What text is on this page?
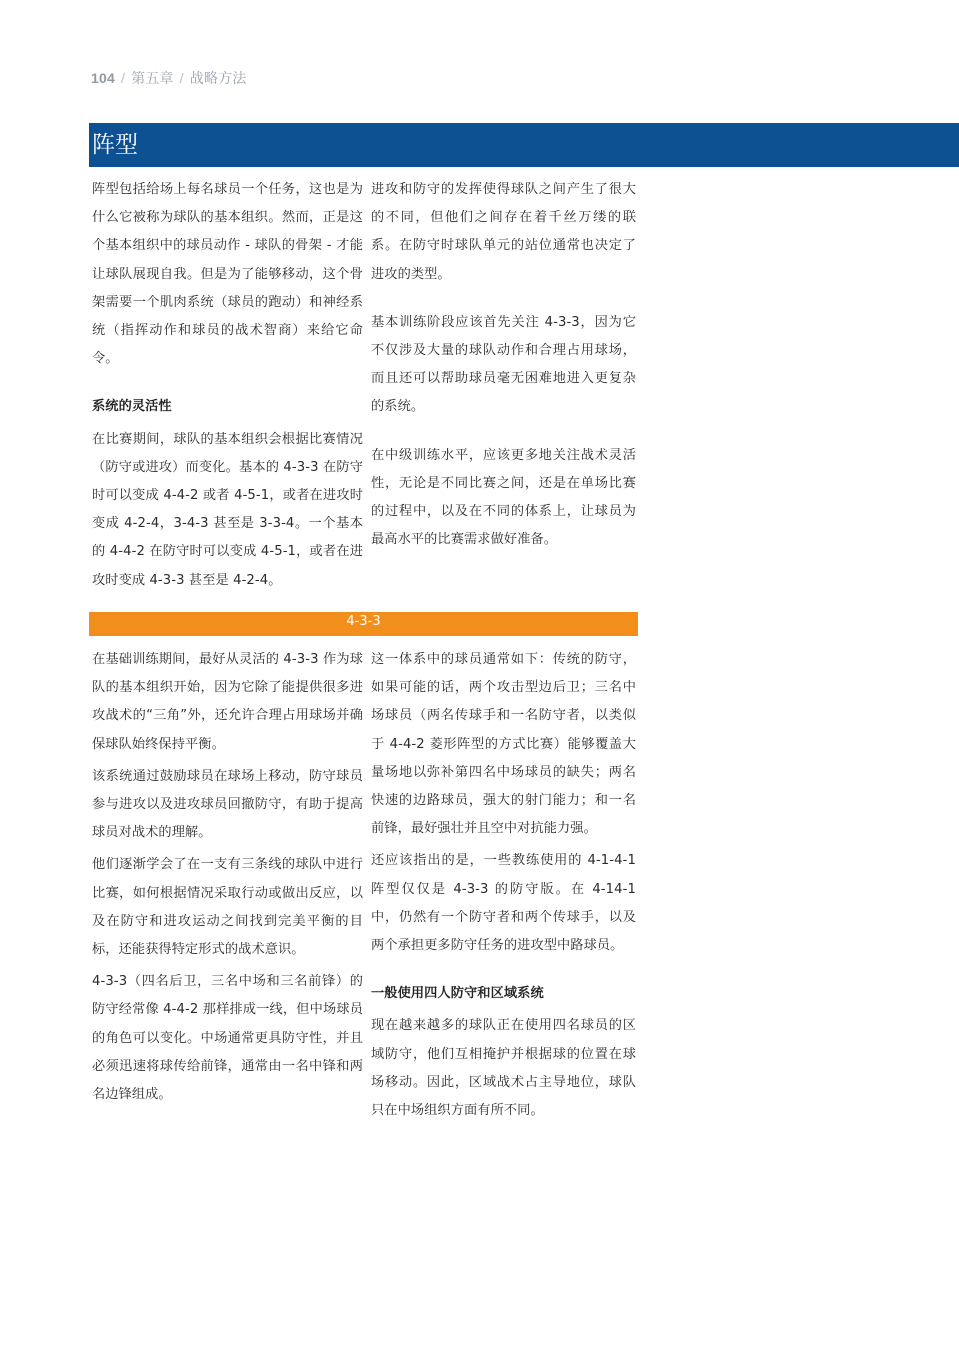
104 / 第五章 / 战略方法
阵型

阵型包括给场上每名球员一个任务，这也是为什么它被称为球队的基本组织。然而，正是这个基本组织中的球员动作 - 球队的骨架 - 才能让球队展现自我。但是为了能够移动，这个骨架需要一个肌肉系统（球员的跑动）和神经系统（指挥动作和球员的战术智商）来给它命令。

系统的灵活性

在比赛期间，球队的基本组织会根据比赛情况（防守或进攻）而变化。基本的 4-3-3 在防守时可以变成 4-4-2 或者 4-5-1，或者在进攻时变成 4-2-4，3-4-3 甚至是 3-3-4。一个基本的 4-4-2 在防守时可以变成 4-5-1，或者在进攻时变成 4-3-3 甚至是 4-2-4。

进攻和防守的发挥使得球队之间产生了很大的不同，但他们之间存在着千丝万缕的联系。在防守时球队单元的站位通常也决定了进攻的类型。

基本训练阶段应该首先关注 4-3-3，因为它不仅涉及大量的球队动作和合理占用球场，而且还可以帮助球员毫无困难地进入更复杂的系统。

在中级训练水平，应该更多地关注战术灵活性，无论是不同比赛之间，还是在单场比赛的过程中，以及在不同的体系上，让球员为最高水平的比赛需求做好准备。

4-3-3

在基础训练期间，最好从灵活的 4-3-3 作为球队的基本组织开始，因为它除了能提供很多进攻战术的“三角”外，还允许合理占用球场并确保球队始终保持平衡。

该系统通过鼓励球员在球场上移动，防守球员参与进攻以及进攻球员回撤防守，有助于提高球员对战术的理解。

他们逐渐学会了在一支有三条线的球队中进行比赛，如何根据情况采取行动或做出反应，以及在防守和进攻运动之间找到完美平衡的目标，还能获得特定形式的战术意识。

4-3-3（四名后卫，三名中场和三名前锋）的防守经常像 4-4-2 那样排成一线，但中场球员的角色可以变化。中场通常更具防守性，并且必须迅速将球传给前锋，通常由一名中锋和两名边锋组成。

这一体系中的球员通常如下：传统的防守，如果可能的话，两个攻击型边后卫；三名中场球员（两名传球手和一名防守者，以类似于 4-4-2 菱形阵型的方式比赛）能够覆盖大量场地以弥补第四名中场球员的缺失；两名快速的边路球员，强大的射门能力；和一名前锋，最好强壮并且空中对抗能力强。

还应该指出的是，一些教练使用的 4-1-4-1 阵型仅仅是 4-3-3 的防守版。在 4-14-1 中，仍然有一个防守者和两个传球手，以及两个承担更多防守任务的进攻型中路球员。

一般使用四人防守和区域系统

现在越来越多的球队正在使用四名球员的区域防守，他们互相掩护并根据球的位置在球场移动。因此，区域战术占主导地位，球队只在中场组织方面有所不同。
